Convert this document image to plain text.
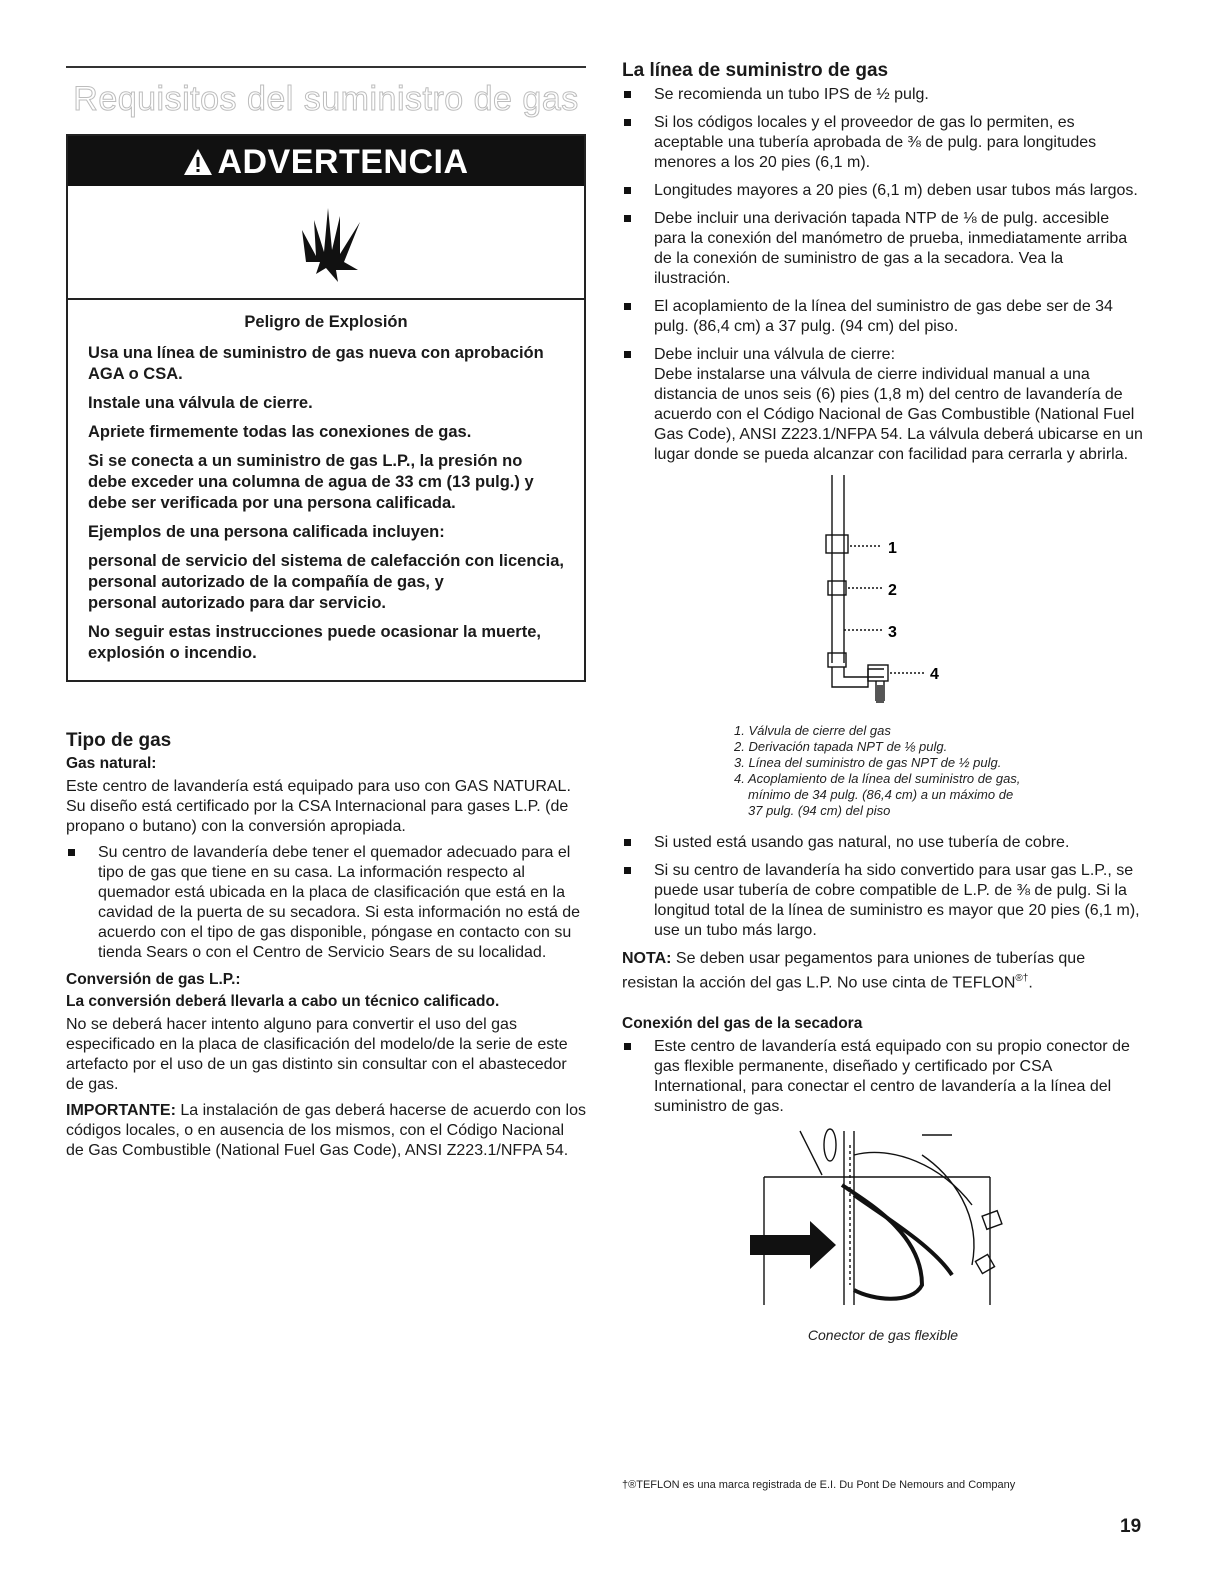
Requisitos del suministro de gas
ADVERTENCIA

Peligro de Explosión

Usa una línea de suministro de gas nueva con aprobación AGA o CSA.

Instale una válvula de cierre.

Apriete firmemente todas las conexiones de gas.

Si se conecta a un suministro de gas L.P., la presión no debe exceder una columna de agua de 33 cm (13 pulg.) y debe ser verificada por una persona calificada.

Ejemplos de una persona calificada incluyen:

personal de servicio del sistema de calefacción con licencia,

personal autorizado de la compañía de gas, y

personal autorizado para dar servicio.

No seguir estas instrucciones puede ocasionar la muerte, explosión o incendio.

Tipo de gas
Gas natural:

Este centro de lavandería está equipado para uso con GAS NATURAL. Su diseño está certificado por la CSA Internacional para gases L.P. (de propano o butano) con la conversión apropiada.

Su centro de lavandería debe tener el quemador adecuado para el tipo de gas que tiene en su casa. La información respecto al quemador está ubicada en la placa de clasificación que está en la cavidad de la puerta de su secadora. Si esta información no está de acuerdo con el tipo de gas disponible, póngase en contacto con su tienda Sears o con el Centro de Servicio Sears de su localidad.
Conversión de gas L.P.:
La conversión deberá llevarla a cabo un técnico calificado.

No se deberá hacer intento alguno para convertir el uso del gas especificado en la placa de clasificación del modelo/de la serie de este artefacto por el uso de un gas distinto sin consultar con el abastecedor de gas.

IMPORTANTE: La instalación de gas deberá hacerse de acuerdo con los códigos locales, o en ausencia de los mismos, con el Código Nacional de Gas Combustible (National Fuel Gas Code), ANSI Z223.1/NFPA 54.

La línea de suministro de gas
Se recomienda un tubo IPS de ½ pulg.
Si los códigos locales y el proveedor de gas lo permiten, es aceptable una tubería aprobada de ⅜ de pulg. para longitudes menores a los 20 pies (6,1 m).
Longitudes mayores a 20 pies (6,1 m) deben usar tubos más largos.
Debe incluir una derivación tapada NTP de ⅛ de pulg. accesible para la conexión del manómetro de prueba, inmediatamente arriba de la conexión de suministro de gas a la secadora. Vea la ilustración.
El acoplamiento de la línea del suministro de gas debe ser de 34 pulg. (86,4 cm) a 37 pulg. (94 cm) del piso.
Debe incluir una válvula de cierre:
Debe instalarse una válvula de cierre individual manual a una distancia de unos seis (6) pies (1,8 m) del centro de lavandería de acuerdo con el Código Nacional de Gas Combustible (National Fuel Gas Code), ANSI Z223.1/NFPA 54. La válvula deberá ubicarse en un lugar donde se pueda alcanzar con facilidad para cerrarla y abrirla.
1
2
3
4
1. Válvula de cierre del gas
2. Derivación tapada NPT de ⅛ pulg.
3. Línea del suministro de gas NPT de ½ pulg.
4. Acoplamiento de la línea del suministro de gas,
mínimo de 34 pulg. (86,4 cm) a un máximo de
37 pulg. (94 cm) del piso
Si usted está usando gas natural, no use tubería de cobre.
Si su centro de lavandería ha sido convertido para usar gas L.P., se puede usar tubería de cobre compatible de L.P. de ⅜ de pulg. Si la longitud total de la línea de suministro es mayor que 20 pies (6,1 m), use un tubo más largo.

NOTA: Se deben usar pegamentos para uniones de tuberías que resistan la acción del gas L.P. No use cinta de TEFLON®†.

Conexión del gas de la secadora
Este centro de lavandería está equipado con su propio conector de gas flexible permanente, diseñado y certificado por CSA International, para conectar el centro de lavandería a la línea del suministro de gas.
Conector de gas flexible
†®TEFLON es una marca registrada de E.I. Du Pont De Nemours and Company
19
